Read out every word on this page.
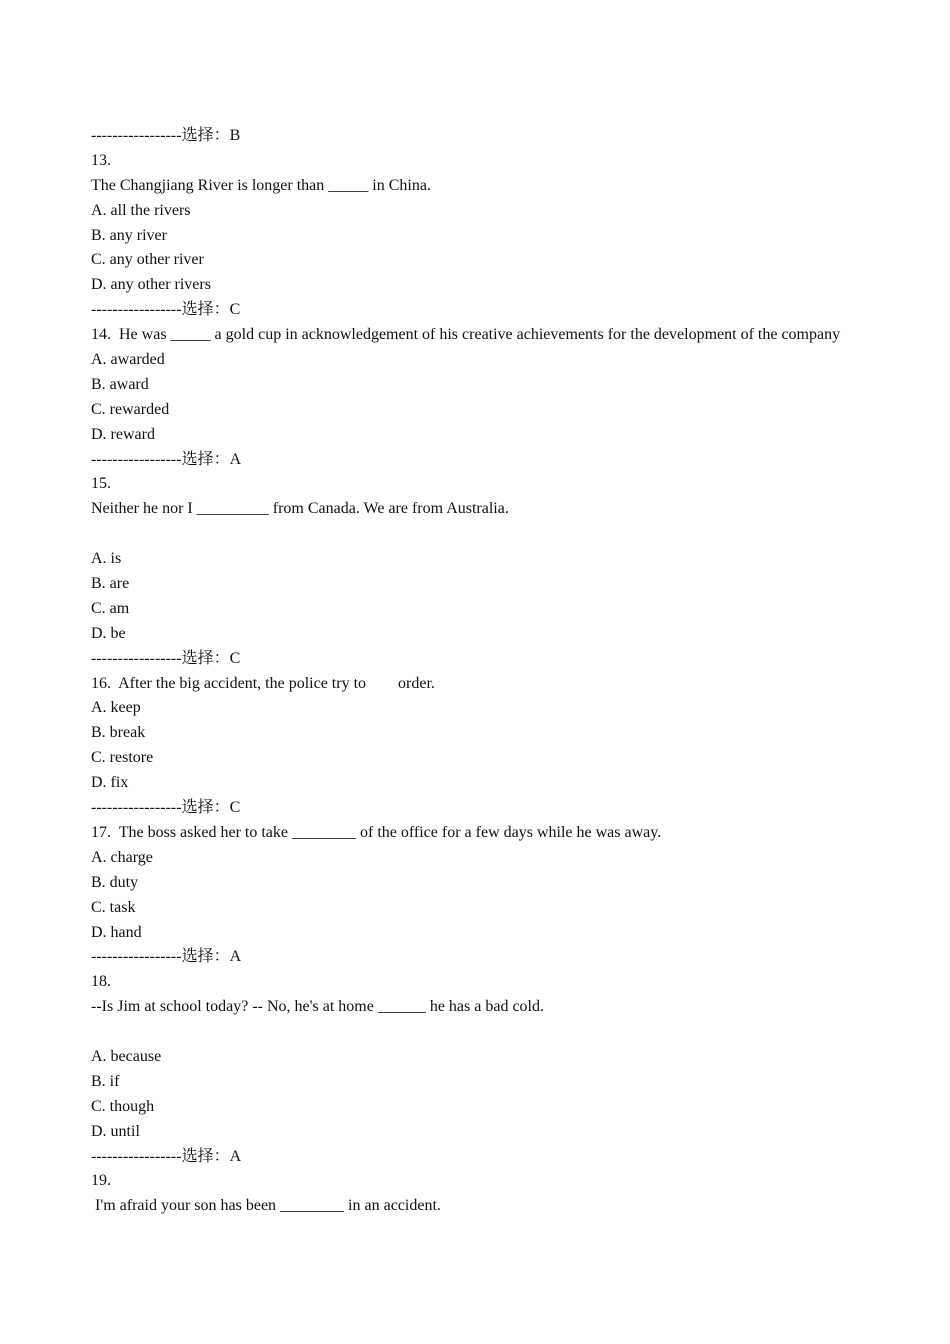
-----------------选择：B
13.
The Changjiang River is longer than _____ in China.
A. all the rivers
B. any river
C. any other river
D. any other rivers
-----------------选择：C
14.  He was _____ a gold cup in acknowledgement of his creative achievements for the development of the company
A. awarded
B. award
C. rewarded
D. reward
-----------------选择：A
15.
Neither he nor I _________ from Canada. We are from Australia.
A. is
B. are
C. am
D. be
-----------------选择：C
16.  After the big accident, the police try to        order.
A. keep
B. break
C. restore
D. fix
-----------------选择：C
17.  The boss asked her to take ________ of the office for a few days while he was away.
A. charge
B. duty
C. task
D. hand
-----------------选择：A
18.
--Is Jim at school today? -- No, he's at home ______ he has a bad cold.
A. because
B. if
C. though
D. until
-----------------选择：A
19.
I'm afraid your son has been ________ in an accident.
